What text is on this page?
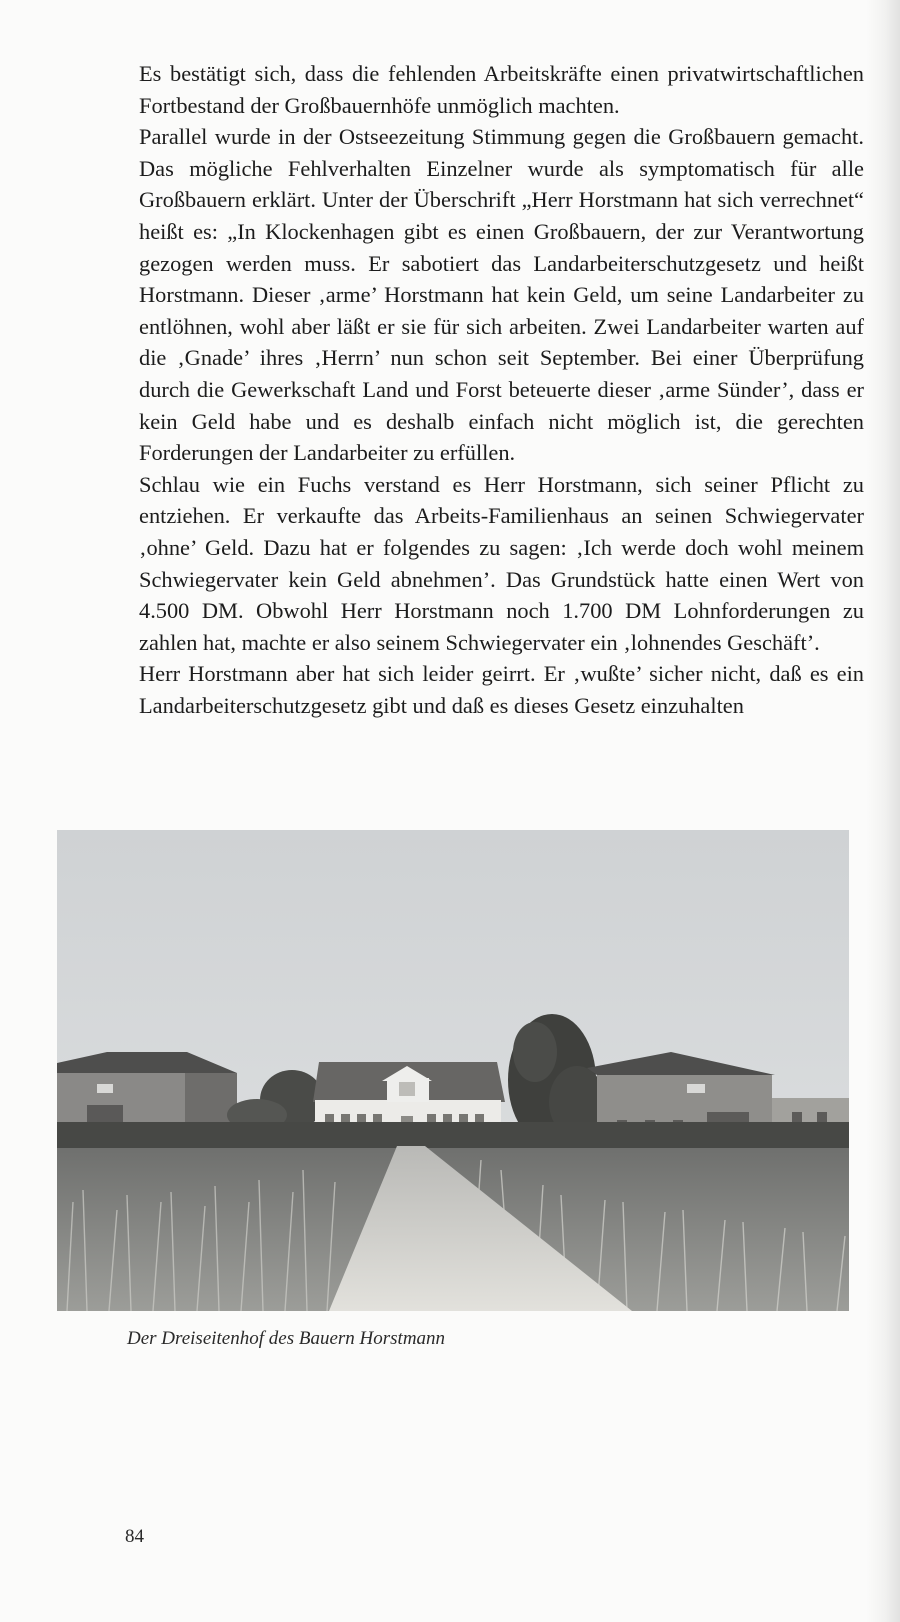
Es bestätigt sich, dass die fehlenden Arbeitskräfte einen privatwirtschaftlichen Fortbestand der Großbauernhöfe unmöglich machten.

Parallel wurde in der Ostseezeitung Stimmung gegen die Großbauern gemacht. Das mögliche Fehlverhalten Einzelner wurde als symptomatisch für alle Großbauern erklärt. Unter der Überschrift „Herr Horstmann hat sich verrechnet“ heißt es: „In Klockenhagen gibt es einen Großbauern, der zur Verantwortung gezogen werden muss. Er sabotiert das Landarbeiterschutzgesetz und heißt Horstmann. Dieser ‚arme’ Horstmann hat kein Geld, um seine Landarbeiter zu entlöhnen, wohl aber läßt er sie für sich arbeiten. Zwei Landarbeiter warten auf die ‚Gnade’ ihres ‚Herrn’ nun schon seit September. Bei einer Überprüfung durch die Gewerkschaft Land und Forst beteuerte dieser ‚arme Sünder’, dass er kein Geld habe und es deshalb einfach nicht möglich ist, die gerechten Forderungen der Landarbeiter zu erfüllen.

Schlau wie ein Fuchs verstand es Herr Horstmann, sich seiner Pflicht zu entziehen. Er verkaufte das Arbeits-Familienhaus an seinen Schwiegervater ‚ohne’ Geld. Dazu hat er folgendes zu sagen: ‚Ich werde doch wohl meinem Schwiegervater kein Geld abnehmen’. Das Grundstück hatte einen Wert von 4.500 DM. Obwohl Herr Horstmann noch 1.700 DM Lohnforderungen zu zahlen hat, machte er also seinem Schwiegervater ein ‚lohnendes Geschäft’.

Herr Horstmann aber hat sich leider geirrt. Er ‚wußte’ sicher nicht, daß es ein Landarbeiterschutzgesetz gibt und daß es dieses Gesetz einzuhalten

Der Dreiseitenhof des Bauern Horstmann
84
